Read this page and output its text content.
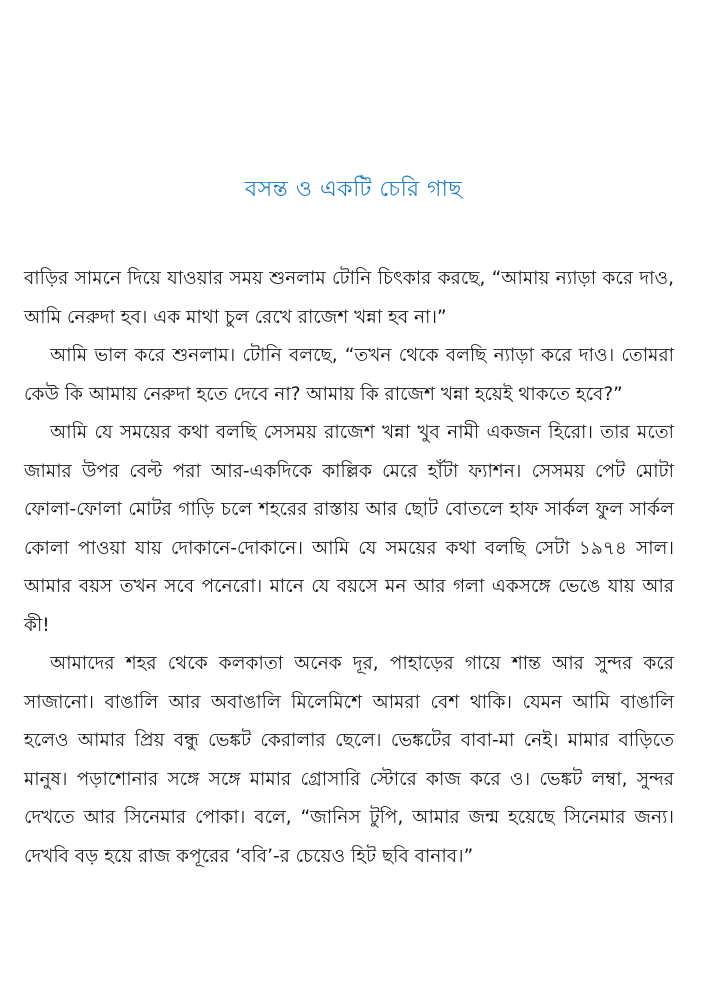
বসন্ত ও একটি চেরি গাছ

বাড়ির সামনে দিয়ে যাওয়ার সময় শুনলাম টোনি চিৎকার করছে, “আমায় ন্যাড়া করে দাও, আমি নেরুদা হব। এক মাথা চুল রেখে রাজেশ খন্না হব না।”

আমি ভাল করে শুনলাম। টোনি বলছে, “তখন থেকে বলছি ন্যাড়া করে দাও। তোমরা কেউ কি আমায় নেরুদা হতে দেবে না? আমায় কি রাজেশ খন্না হয়েই থাকতে হবে?”

আমি যে সময়ের কথা বলছি সেসময় রাজেশ খন্না খুব নামী একজন হিরো। তার মতো জামার উপর বেল্ট পরা আর-একদিকে কাল্লিক মেরে হাঁটা ফ্যাশন। সেসময় পেট মোটা ফোলা-ফোলা মোটর গাড়ি চলে শহরের রাস্তায় আর ছোট বোতলে হাফ সার্কল ফুল সার্কল কোলা পাওয়া যায় দোকানে-দোকানে। আমি যে সময়ের কথা বলছি সেটা ১৯৭৪ সাল। আমার বয়স তখন সবে পনেরো। মানে যে বয়সে মন আর গলা একসঙ্গে ভেঙে যায় আর কী!

আমাদের শহর থেকে কলকাতা অনেক দূর, পাহাড়ের গায়ে শান্ত আর সুন্দর করে সাজানো। বাঙালি আর অবাঙালি মিলেমিশে আমরা বেশ থাকি। যেমন আমি বাঙালি হলেও আমার প্রিয় বন্ধু ভেঙ্কট কেরালার ছেলে। ভেঙ্কটের বাবা-মা নেই। মামার বাড়িতে মানুষ। পড়াশোনার সঙ্গে সঙ্গে মামার গ্রোসারি স্টোরে কাজ করে ও। ভেঙ্কট লম্বা, সুন্দর দেখতে আর সিনেমার পোকা। বলে, “জানিস টুপি, আমার জন্ম হয়েছে সিনেমার জন্য। দেখবি বড় হয়ে রাজ কপূরের ‘ববি’-র চেয়েও হিট ছবি বানাব।”
